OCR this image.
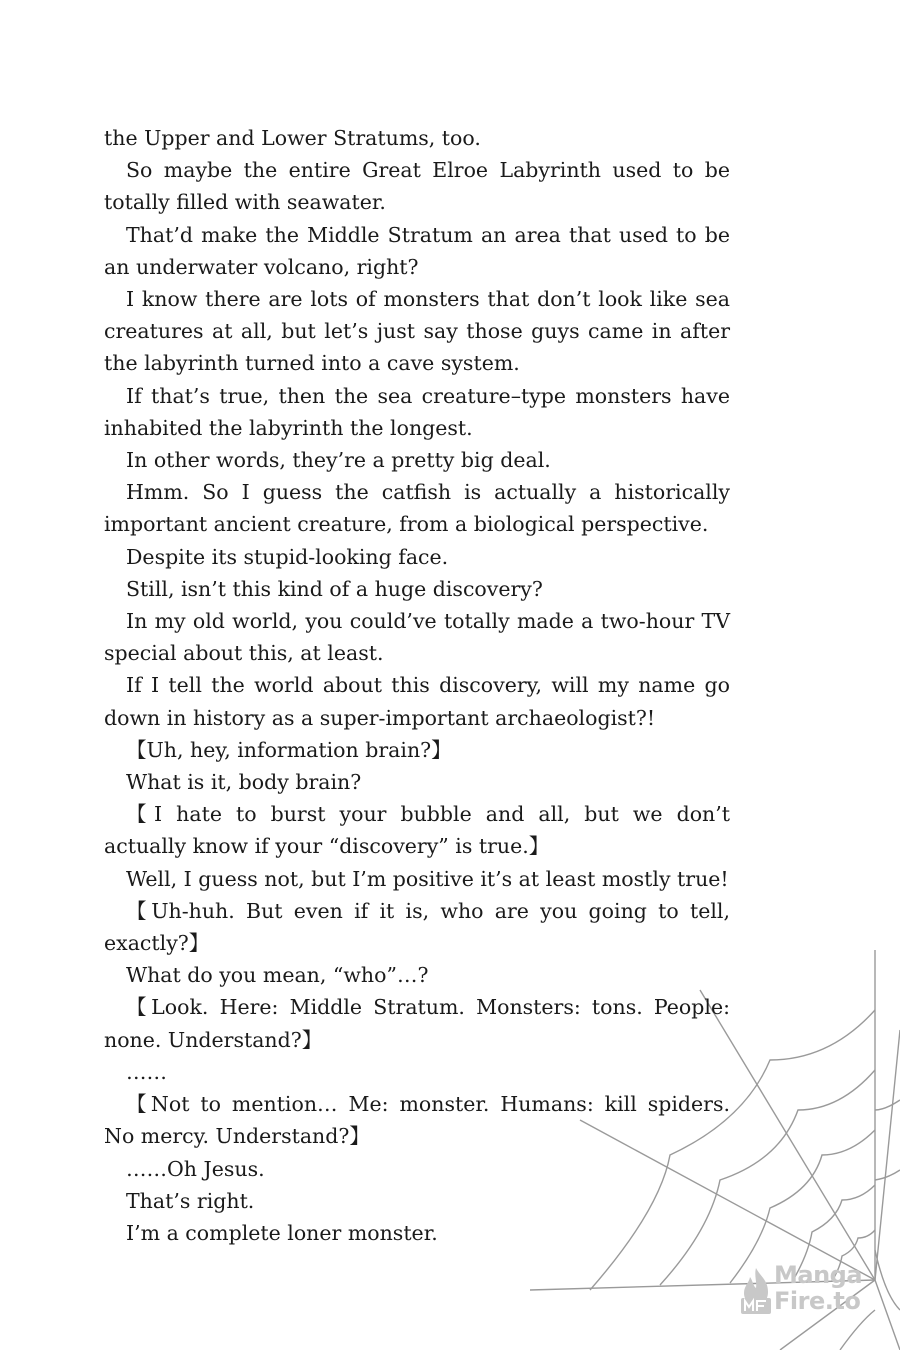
the Upper and Lower Stratums, too.

So maybe the entire Great Elroe Labyrinth used to be totally filled with seawater.

That’d make the Middle Stratum an area that used to be an underwater volcano, right?

I know there are lots of monsters that don’t look like sea creatures at all, but let’s just say those guys came in after the labyrinth turned into a cave system.

If that’s true, then the sea creature–type monsters have inhabited the labyrinth the longest.

In other words, they’re a pretty big deal.

Hmm. So I guess the catfish is actually a historically important ancient creature, from a biological perspective.

Despite its stupid-looking face.

Still, isn’t this kind of a huge discovery?

In my old world, you could’ve totally made a two-hour TV special about this, at least.

If I tell the world about this discovery, will my name go down in history as a super-important archaeologist?!

【Uh, hey, information brain?】

What is it, body brain?

【I hate to burst your bubble and all, but we don’t actually know if your “discovery” is true.】

Well, I guess not, but I’m positive it’s at least mostly true!

【Uh-huh. But even if it is, who are you going to tell, exactly?】

What do you mean, “who”…?

【Look. Here: Middle Stratum. Monsters: tons. People: none. Understand?】

……

【Not to mention… Me: monster. Humans: kill spiders. No mercy. Understand?】

……Oh Jesus.

That’s right.

I’m a complete loner monster.

Manga
Fire.to
